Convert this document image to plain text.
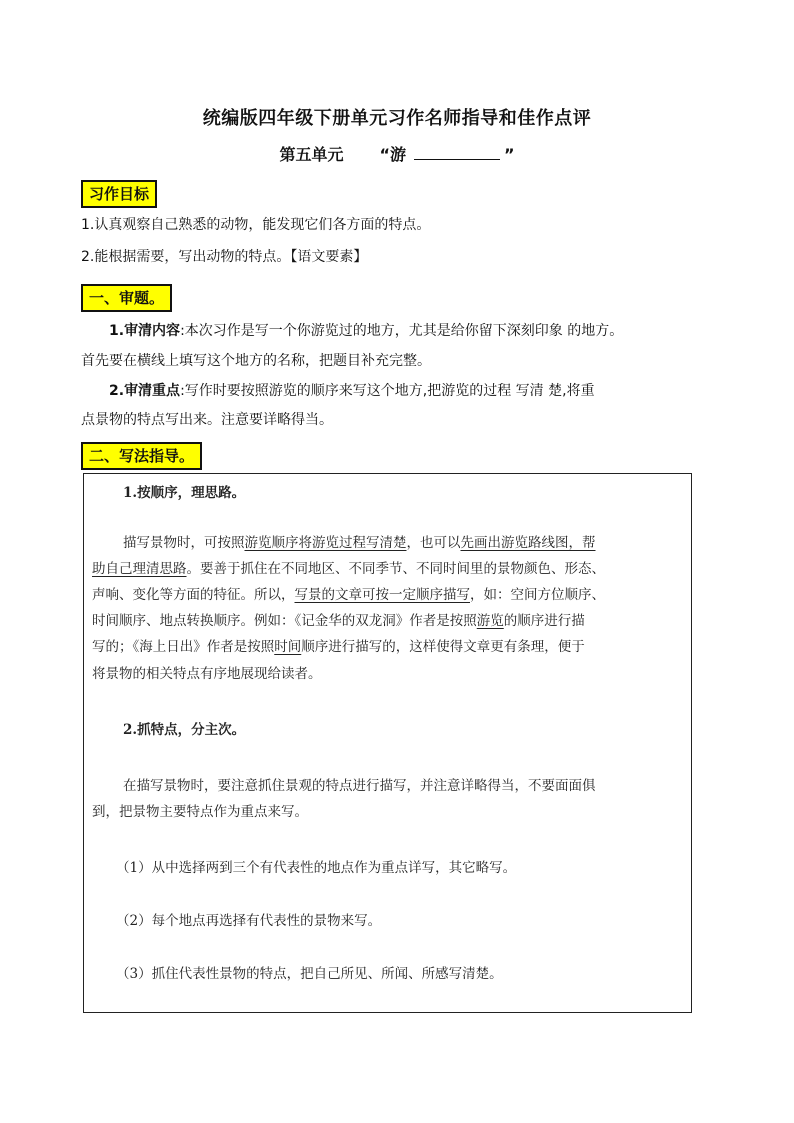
统编版四年级下册单元习作名师指导和佳作点评
第五单元 “游	”
习作目标
1.认真观察自己熟悉的动物，能发现它们各方面的特点。
2.能根据需要，写出动物的特点。【语文要素】
一、审题。
1.审清内容:本次习作是写一个你游览过的地方，尤其是给你留下深刻印象 的地方。
首先要在横线上填写这个地方的名称，把题目补充完整。
2.审清重点:写作时要按照游览的顺序来写这个地方,把游览的过程 写清 楚,将重
点景物的特点写出来。注意要详略得当。
二、写法指导。
1.按顺序，理思路。
描写景物时，可按照游览顺序将游览过程写清楚，也可以先画出游览路线图，帮
助自己理清思路。要善于抓住在不同地区、不同季节、不同时间里的景物颜色、形态、
声响、变化等方面的特征。所以，写景的文章可按一定顺序描写，如：空间方位顺序、
时间顺序、地点转换顺序。例如：《记金华的双龙洞》作者是按照游览的顺序进行描
写的；《海上日出》作者是按照时间顺序进行描写的，这样使得文章更有条理，便于
将景物的相关特点有序地展现给读者。
2.抓特点，分主次。
在描写景物时，要注意抓住景观的特点进行描写，并注意详略得当，不要面面俱
到，把景物主要特点作为重点来写。
（1）从中选择两到三个有代表性的地点作为重点详写，其它略写。
（2）每个地点再选择有代表性的景物来写。
（3）抓住代表性景物的特点，把自己所见、所闻、所感写清楚。
